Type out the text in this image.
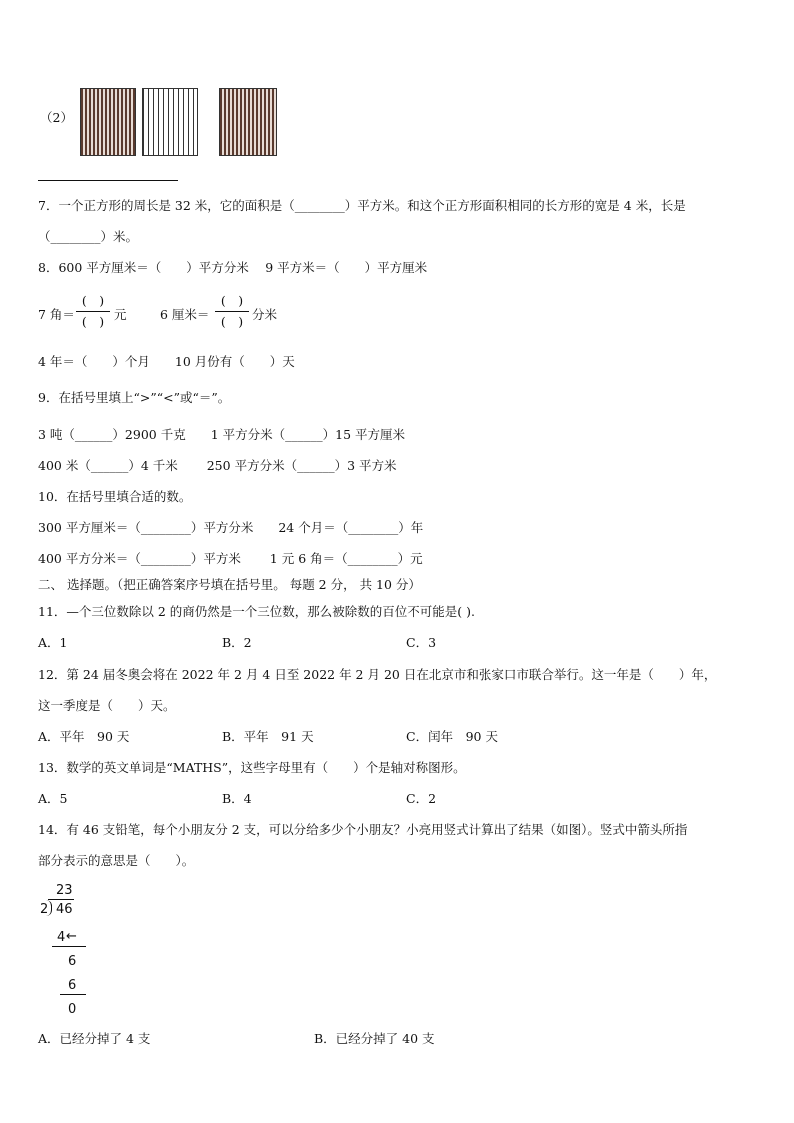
（2）
7．一个正方形的周长是 32 米，它的面积是（________）平方米。和这个正方形面积相同的长方形的宽是 4 米，长是
（________）米。
8．600 平方厘米＝（　　）平方分米　 9 平方米＝（　　）平方厘米
7 角＝
(　)
(　) 元	6 厘米＝
(　)
(　) 分米
4 年＝（　　）个月　　10 月份有（　　）天
9．在括号里填上“>”“<”或“＝”。
3 吨（______）2900 千克　　1 平方分米（______）15 平方厘米
400 米（______）4 千米　　 250 平方分米（______）3 平方米
10．在括号里填合适的数。
300 平方厘米＝（________）平方分米　　24 个月＝（________）年
400 平方分米＝（________）平方米　　 1 元 6 角＝（________）元
二、 选择题。（把正确答案序号填在括号里。 每题 2 分， 共 10 分）
11．—个三位数除以 2 的商仍然是一个三位数，那么被除数的百位不可能是( ).
A．1	B．2	C．3
12．第 24 届冬奥会将在 2022 年 2 月 4 日至 2022 年 2 月 20 日在北京市和张家口市联合举行。这一年是（　　）年，
这一季度是（　　）天。
A．平年　90 天	B．平年　91 天	C．闰年　90 天
13．数学的英文单词是“MATHS”，这些字母里有（　　）个是轴对称图形。
A．5	B．4	C．2
14．有 46 支铅笔，每个小朋友分 2 支，可以分给多少个小朋友？小亮用竖式计算出了结果（如图）。竖式中箭头所指
部分表示的意思是（　　）。
23
2 46
4 ←
6
6
0
A．已经分掉了 4 支	B．已经分掉了 40 支
